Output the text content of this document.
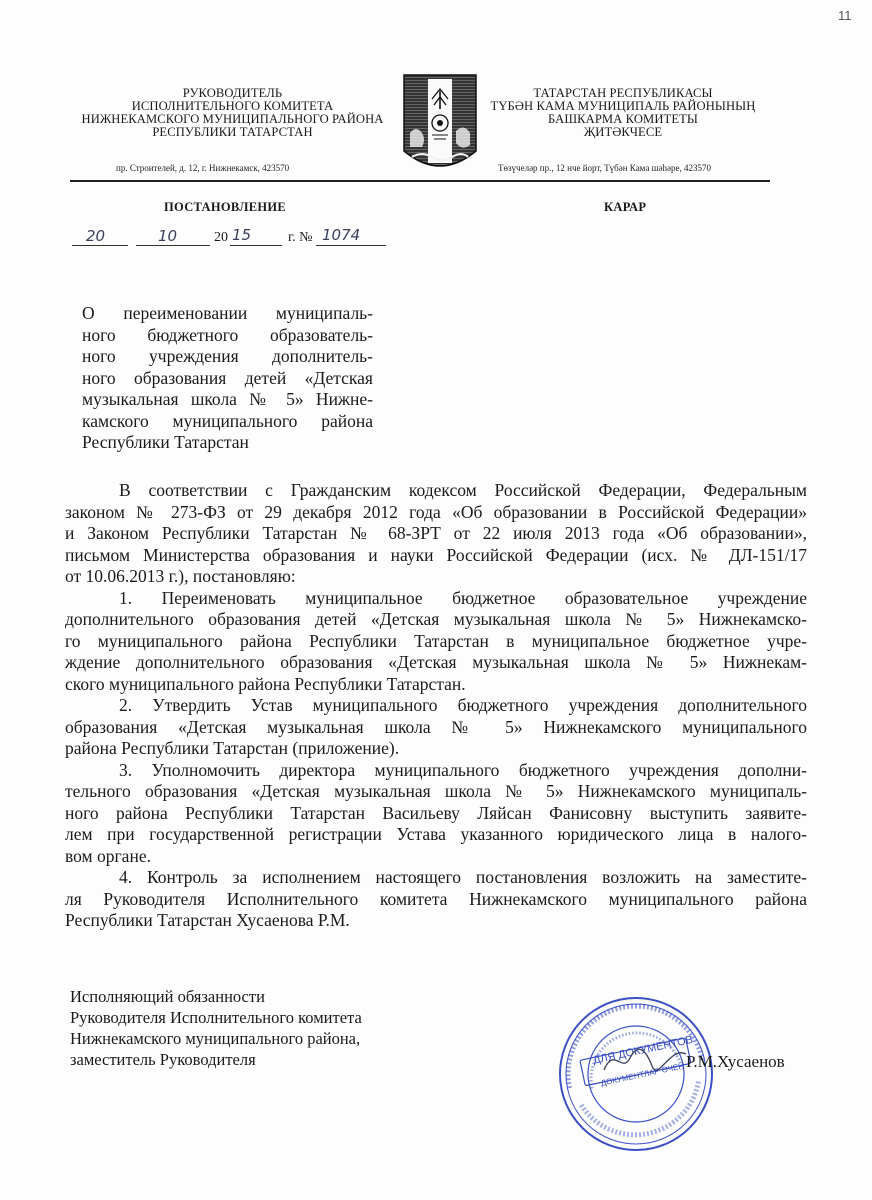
11
РУКОВОДИТЕЛЬ
ИСПОЛНИТЕЛЬНОГО КОМИТЕТА
НИЖНЕКАМСКОГО МУНИЦИПАЛЬНОГО РАЙОНА
РЕСПУБЛИКИ ТАТАРСТАН
пр. Строителей, д. 12, г. Нижнекамск, 423570
ТАТАРСТАН РЕСПУБЛИКАСЫ
ТҮБӘН КАМА МУНИЦИПАЛЬ РАЙОНЫНЫҢ
БАШКАРМА КОМИТЕТЫ
ҖИТӘКЧЕСЕ
Төзүчеләр пр., 12 нче йорт, Түбән Кама шәһәре, 423570
ПОСТАНОВЛЕНИЕ	КАРАР
20	10	20 15	г. № 1074
О переименовании муниципаль-
ного бюджетного образователь-
ного учреждения дополнитель-
ного образования детей «Детская
музыкальная школа № 5» Нижне-
камского муниципального района
Республики Татарстан

В соответствии с Гражданским кодексом Российской Федерации, Федеральным
законом № 273-ФЗ от 29 декабря 2012 года «Об образовании в Российской Федерации»
и Законом Республики Татарстан № 68-ЗРТ от 22 июля 2013 года «Об образовании»,
письмом Министерства образования и науки Российской Федерации (исх. № ДЛ-151/17
от 10.06.2013 г.), постановляю:

1. Переименовать муниципальное бюджетное образовательное учреждение
дополнительного образования детей «Детская музыкальная школа № 5» Нижнекамско-
го муниципального района Республики Татарстан в муниципальное бюджетное учре-
ждение дополнительного образования «Детская музыкальная школа № 5» Нижнекам-
ского муниципального района Республики Татарстан.

2. Утвердить Устав муниципального бюджетного учреждения дополнительного
образования «Детская музыкальная школа № 5» Нижнекамского муниципального
района Республики Татарстан (приложение).

3. Уполномочить директора муниципального бюджетного учреждения дополни-
тельного образования «Детская музыкальная школа № 5» Нижнекамского муниципаль-
ного района Республики Татарстан Васильеву Ляйсан Фанисовну выступить заявите-
лем при государственной регистрации Устава указанного юридического лица в налого-
вом органе.

4. Контроль за исполнением настоящего постановления возложить на заместите-
ля Руководителя Исполнительного комитета Нижнекамского муниципального района
Республики Татарстан Хусаенова Р.М.

Исполняющий обязанности
Руководителя Исполнительного комитета
Нижнекамского муниципального района,
заместитель Руководителя	ДЛЯ ДОКУМЕНТОВ
ДОКУМЕНТЛАР ӨЧЕН Р.М.Хусаенов
